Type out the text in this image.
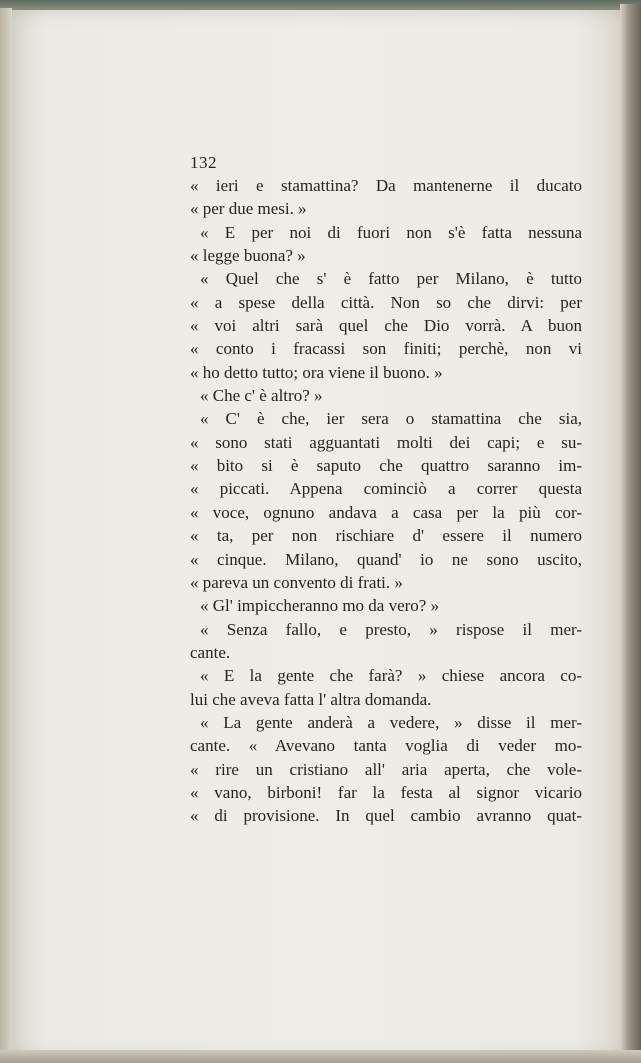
132
« ieri e stamattina? Da mantenerne il ducato
« per due mesi. »
« E per noi di fuori non s'è fatta nessuna
« legge buona? »
« Quel che s' è fatto per Milano, è tutto
« a spese della città. Non so che dirvi: per
« voi altri sarà quel che Dio vorrà. A buon
« conto i fracassi son finiti; perchè, non vi
« ho detto tutto; ora viene il buono. »
« Che c' è altro? »
« C' è che, ier sera o stamattina che sia,
« sono stati agguantati molti dei capi; e su-
« bito si è saputo che quattro saranno im-
« piccati. Appena cominciò a correr questa
« voce, ognuno andava a casa per la più cor-
« ta, per non rischiare d' essere il numero
« cinque. Milano, quand' io ne sono uscito,
« pareva un convento di frati. »
« Gl' impiccheranno mo da vero? »
« Senza fallo, e presto, » rispose il mer-
cante.
« E la gente che farà? » chiese ancora co-
lui che aveva fatta l' altra domanda.
« La gente anderà a vedere, » disse il mer-
cante. « Avevano tanta voglia di veder mo-
« rire un cristiano all' aria aperta, che vole-
« vano, birboni! far la festa al signor vicario
« di provisione. In quel cambio avranno quat-
